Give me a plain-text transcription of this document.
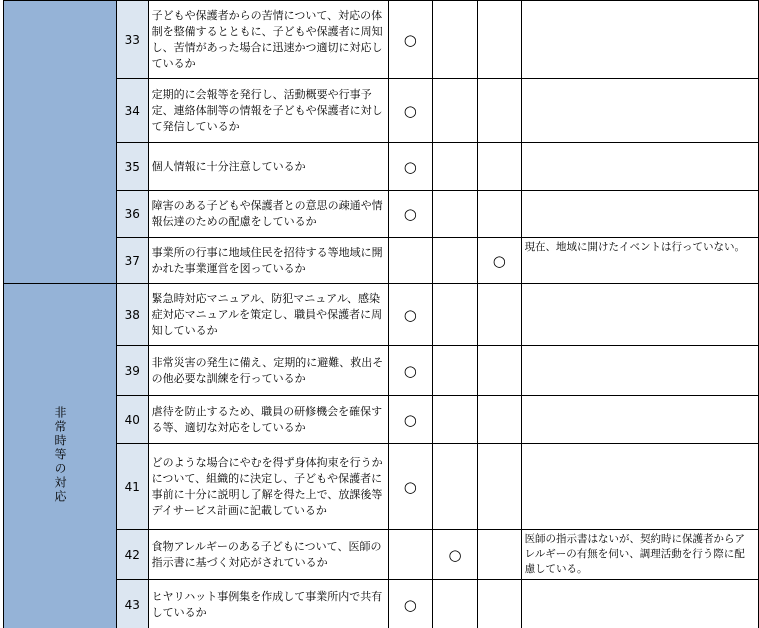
	33	子どもや保護者からの苦情について、対応の体制を整備するとともに、子どもや保護者に周知し、苦情があった場合に迅速かつ適切に対応しているか	○			
	34	定期的に会報等を発行し、活動概要や行事予定、連絡体制等の情報を子どもや保護者に対して発信しているか	○			
	35	個人情報に十分注意しているか	○			
	36	障害のある子どもや保護者との意思の疎通や情報伝達のための配慮をしているか	○			
	37	事業所の行事に地域住民を招待する等地域に開かれた事業運営を図っているか			○	現在、地域に開けたイベントは行っていない。
非常時等の対応	38	緊急時対応マニュアル、防犯マニュアル、感染症対応マニュアルを策定し、職員や保護者に周知しているか	○			
	39	非常災害の発生に備え、定期的に避難、救出その他必要な訓練を行っているか	○			
	40	虐待を防止するため、職員の研修機会を確保する等、適切な対応をしているか	○			
	41	どのような場合にやむを得ず身体拘束を行うかについて、組織的に決定し、子どもや保護者に事前に十分に説明し了解を得た上で、放課後等デイサービス計画に記載しているか	○			
	42	食物アレルギーのある子どもについて、医師の指示書に基づく対応がされているか		○		医師の指示書はないが、契約時に保護者からアレルギーの有無を伺い、調理活動を行う際に配慮している。
	43	ヒヤリハット事例集を作成して事業所内で共有しているか	○			
